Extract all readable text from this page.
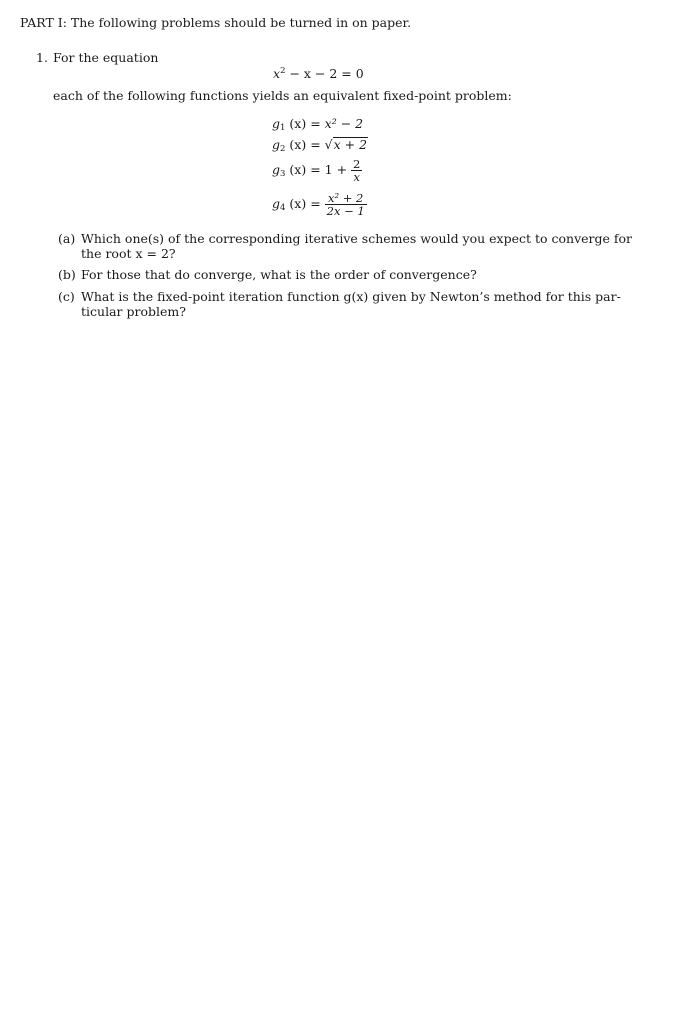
PART I: The following problems should be turned in on paper.
1. For the equation
$x^2 - x - 2 = 0$
each of the following functions yields an equivalent fixed-point problem:
$g_1$ (x) = x² − 2
$g_2$ (x) = √x + 2
$g_3$ $(x) = 1 + \frac{2}{x}$
$g_4$ $(x) = \frac{\text{x² + 2}}{2x - 1}$
(a) Which one(s) of the corresponding iterative schemes would you expect to converge for
the root x = 2?
(b) For those that do converge, what is the order of convergence?
(c) What is the fixed-point iteration function g(x) given by Newton’s method for this par-
ticular problem?
